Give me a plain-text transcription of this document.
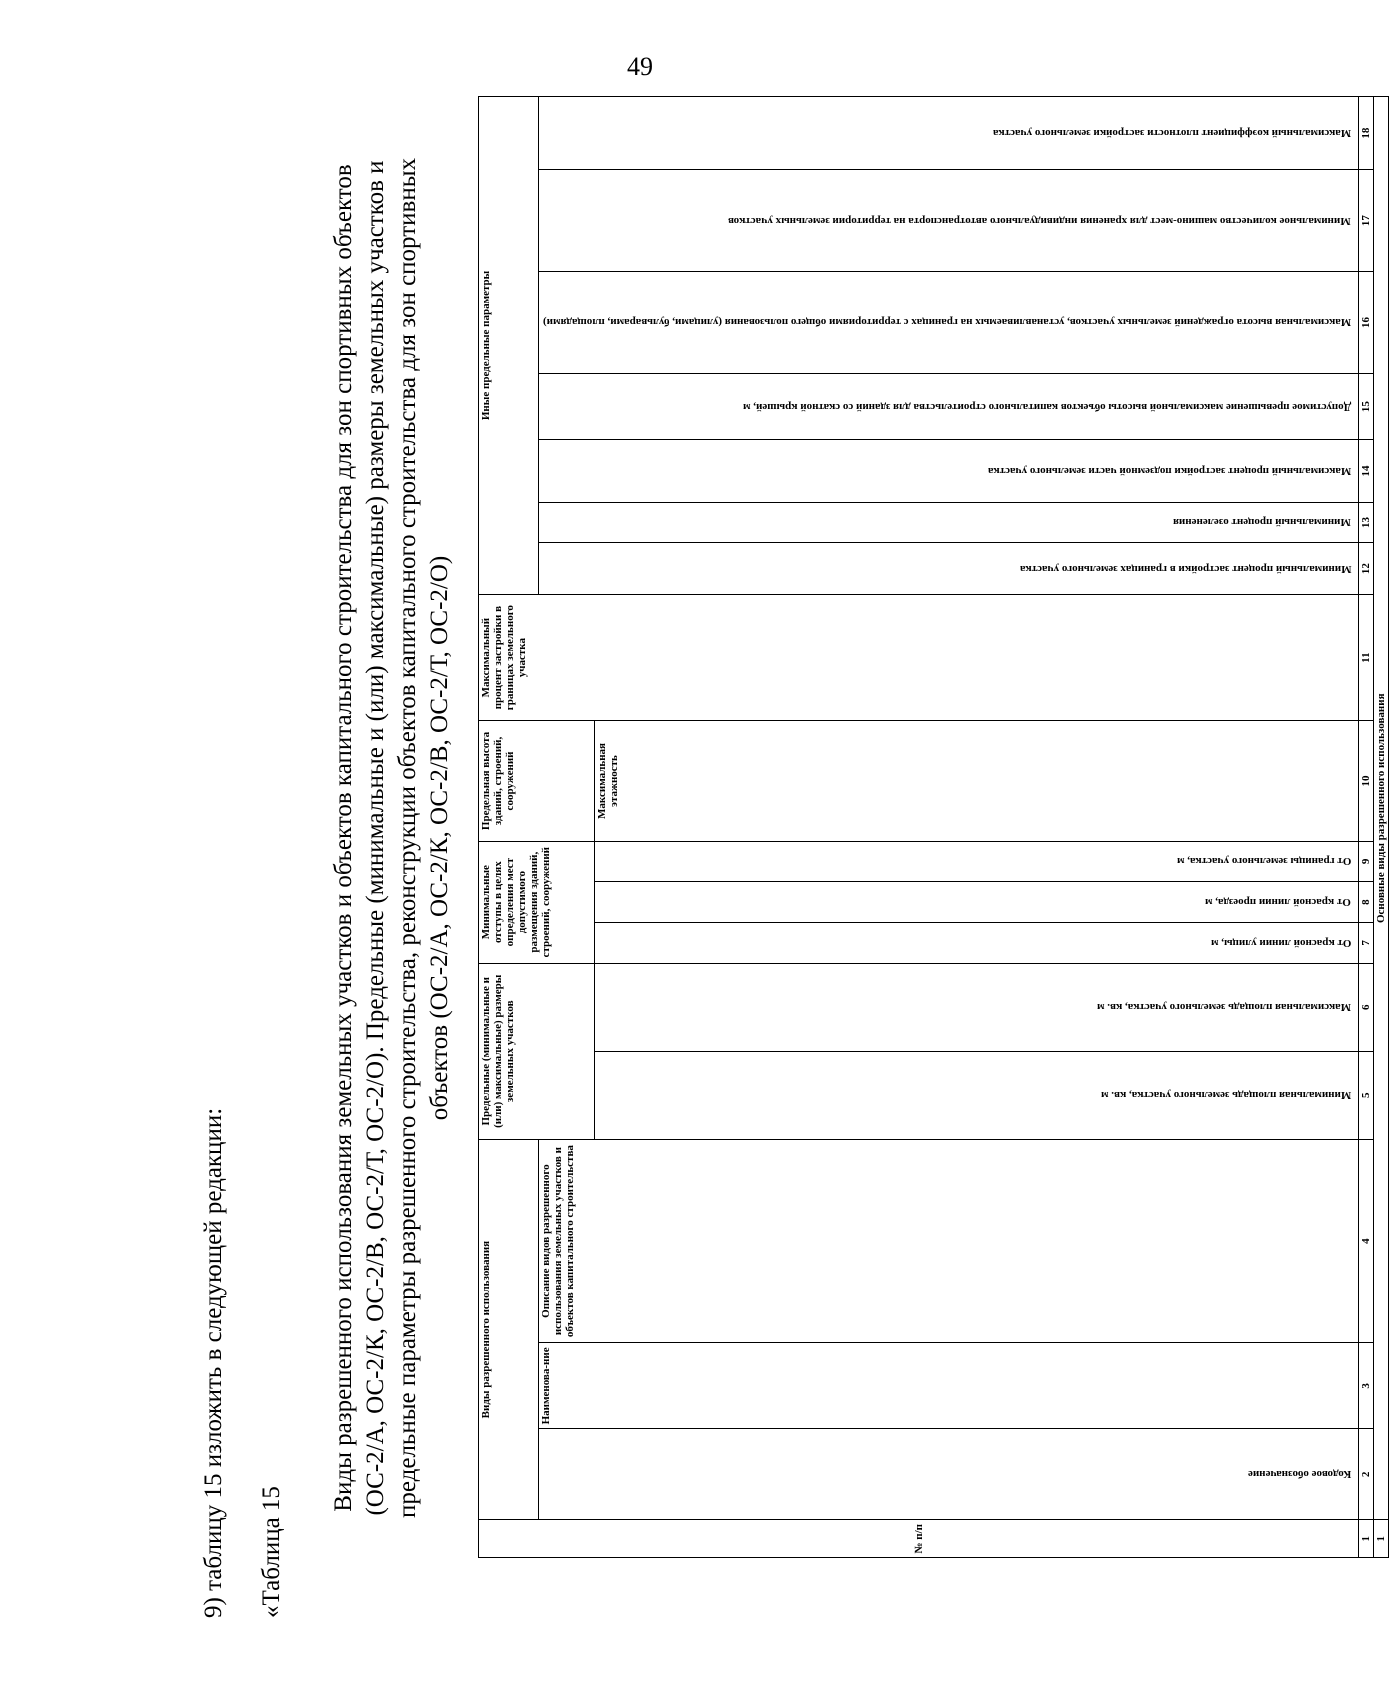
49
9) таблицу 15 изложить в следующей редакции: «Таблица 15
Виды разрешенного использования земельных участков и объектов капитального строительства для зон спортивных объектов (ОС-2/А, ОС-2/К, ОС-2/В, ОС-2/Т, ОС-2/О). Предельные (минимальные и (или) максимальные) размеры земельных участков и предельные параметры разрешенного строительства, реконструкции объектов капитального строительства для зон спортивных объектов (ОС-2/А, ОС-2/К, ОС-2/В, ОС-2/Т, ОС-2/О)
№ п/п	Виды разрешенного использования			Предельные (минимальные и (или) максимальные) размеры земельных участков		Минимальные отступы в целях определения мест допустимого размещения зданий, строений, сооружений			Предельная высота зданий, строений, сооружений	Максимальный процент застройки в границах земельного участка	Иные предельные параметры						
	Кодовое обозначение	Наименова-ние	Описание видов разрешенного использования земельных участков и объектов капитального строительства								Минимальный процент застройки в границах земельного участка	Минимальный процент озеленения	Максимальный процент застройки подземной части земельного участка	Допустимое превышение максимальной высоты объектов капитального строительства для зданий со скатной крышей, м	Максимальная высота ограждений земельных участков, устанавливаемых на границах с территориями общего пользования (улицами, бульварами, площадями)	Минимальное количество машино-мест для хранения индивидуального автотранспорта на территории земельных участков	Максимальный коэффициент плотности застройки земельного участка
				Минимальная площадь земельного участка, кв. м	Максимальная площадь земельного участка, кв. м	От красной линии улицы, м	От красной линии проезда, м	От границы земельного участка, м	Максимальная этажность								
1	2	3	4	5	6	7	8	9	10	11	12	13	14	15	16	17	18
1	Основные виды разрешенного использования																
